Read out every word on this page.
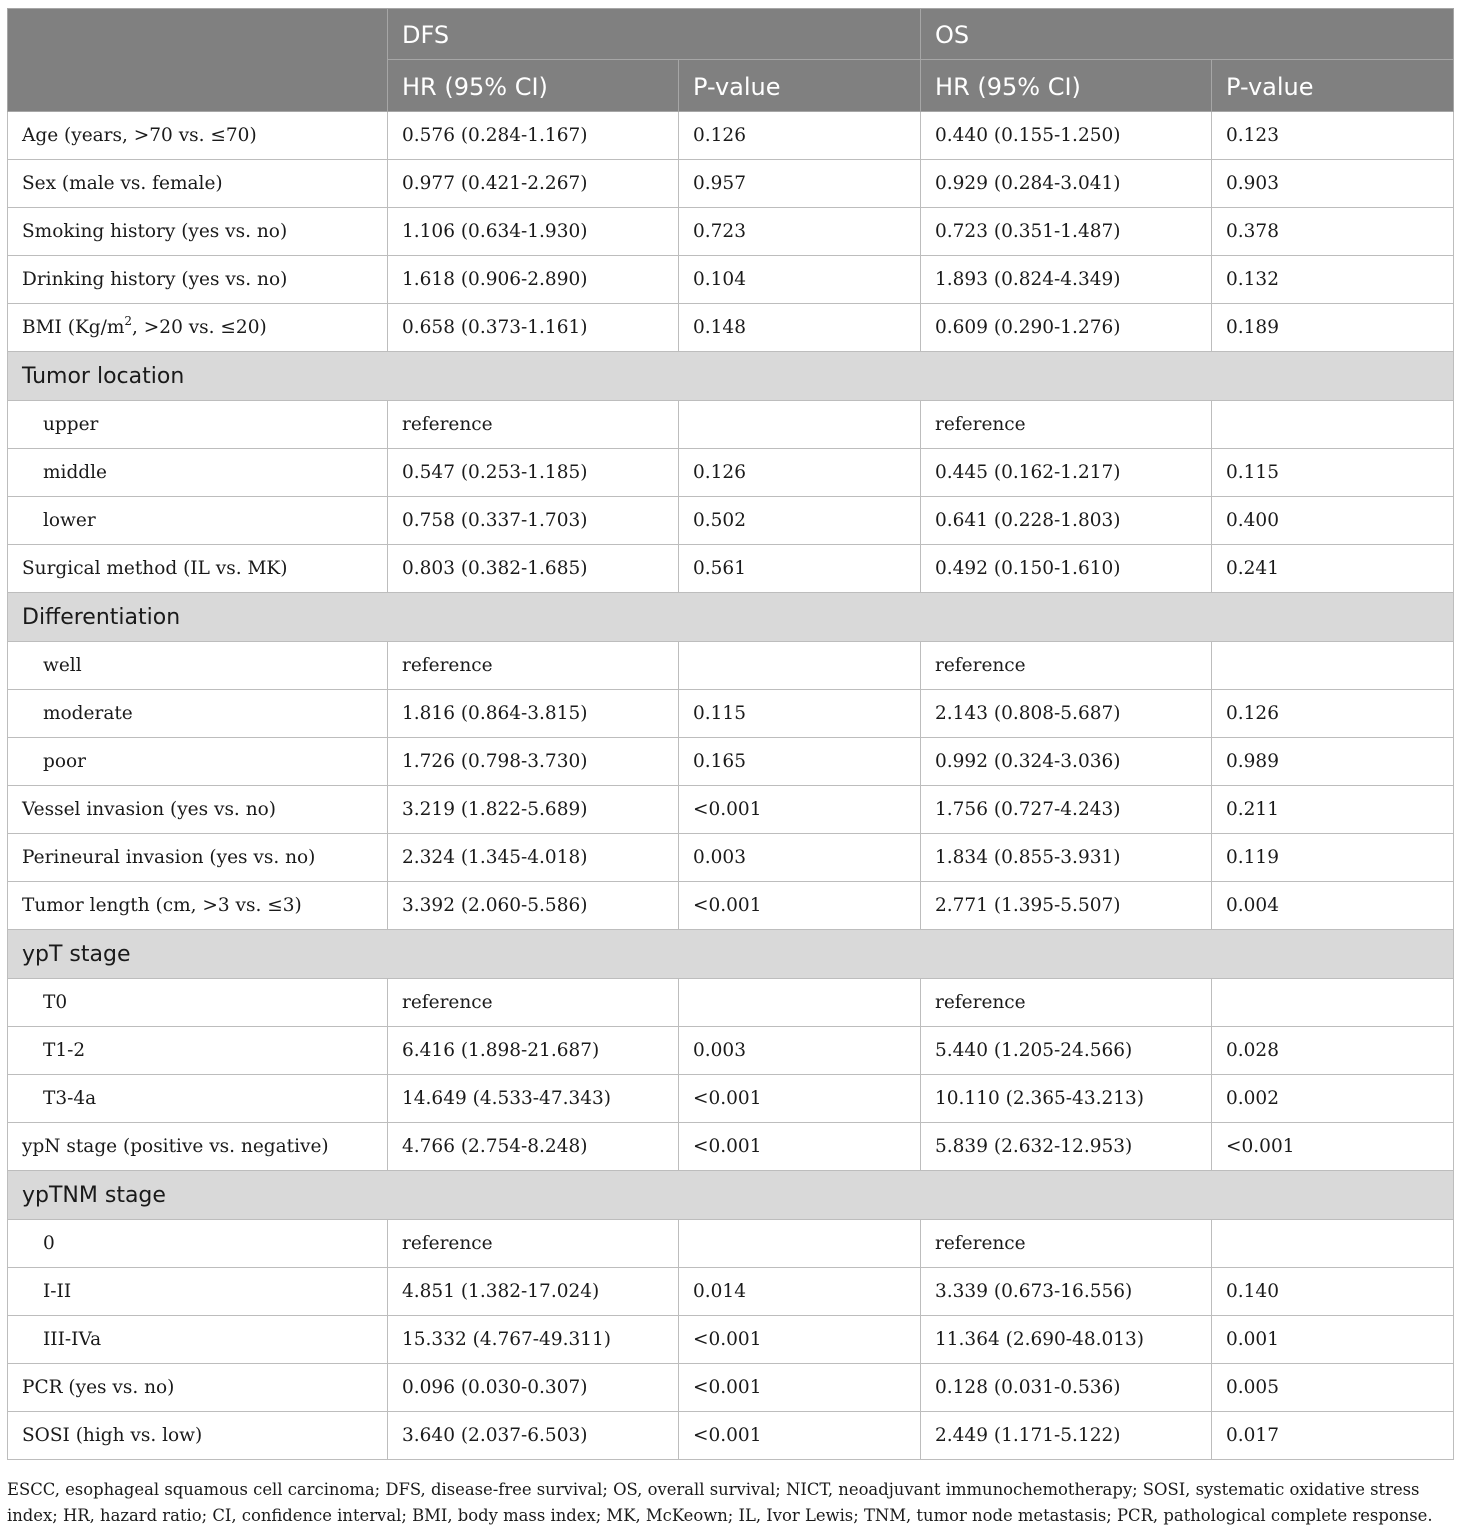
	DFS		OS	
	HR (95% CI)	P-value	HR (95% CI)	P-value
Age (years, >70 vs. ≤70)	0.576 (0.284-1.167)	0.126	0.440 (0.155-1.250)	0.123
Sex (male vs. female)	0.977 (0.421-2.267)	0.957	0.929 (0.284-3.041)	0.903
Smoking history (yes vs. no)	1.106 (0.634-1.930)	0.723	0.723 (0.351-1.487)	0.378
Drinking history (yes vs. no)	1.618 (0.906-2.890)	0.104	1.893 (0.824-4.349)	0.132
BMI ($Kg/m^2$, >20 vs. ≤20)	0.658 (0.373-1.161)	0.148	0.609 (0.290-1.276)	0.189
Tumor location				
upper	reference		reference	
middle	0.547 (0.253-1.185)	0.126	0.445 (0.162-1.217)	0.115
lower	0.758 (0.337-1.703)	0.502	0.641 (0.228-1.803)	0.400
Surgical method (IL vs. MK)	0.803 (0.382-1.685)	0.561	0.492 (0.150-1.610)	0.241
Differentiation				
well	reference		reference	
moderate	1.816 (0.864-3.815)	0.115	2.143 (0.808-5.687)	0.126
poor	1.726 (0.798-3.730)	0.165	0.992 (0.324-3.036)	0.989
Vessel invasion (yes vs. no)	3.219 (1.822-5.689)	<0.001	1.756 (0.727-4.243)	0.211
Perineural invasion (yes vs. no)	2.324 (1.345-4.018)	0.003	1.834 (0.855-3.931)	0.119
Tumor length (cm, >3 vs. ≤3)	3.392 (2.060-5.586)	<0.001	2.771 (1.395-5.507)	0.004
ypT stage				
T0	reference		reference	
T1-2	6.416 (1.898-21.687)	0.003	5.440 (1.205-24.566)	0.028
T3-4a	14.649 (4.533-47.343)	<0.001	10.110 (2.365-43.213)	0.002
ypN stage (positive vs. negative)	4.766 (2.754-8.248)	<0.001	5.839 (2.632-12.953)	<0.001
ypTNM stage				
0	reference		reference	
I-II	4.851 (1.382-17.024)	0.014	3.339 (0.673-16.556)	0.140
III-IVa	15.332 (4.767-49.311)	<0.001	11.364 (2.690-48.013)	0.001
PCR (yes vs. no)	0.096 (0.030-0.307)	<0.001	0.128 (0.031-0.536)	0.005
SOSI (high vs. low)	3.640 (2.037-6.503)	<0.001	2.449 (1.171-5.122)	0.017

ESCC, esophageal squamous cell carcinoma; DFS, disease-free survival; OS, overall survival; NICT, neoadjuvant immunochemotherapy; SOSI, systematic oxidative stress index; HR, hazard ratio; CI, confidence interval; BMI, body mass index; MK, McKeown; IL, Ivor Lewis; TNM, tumor node metastasis; PCR, pathological complete response.
